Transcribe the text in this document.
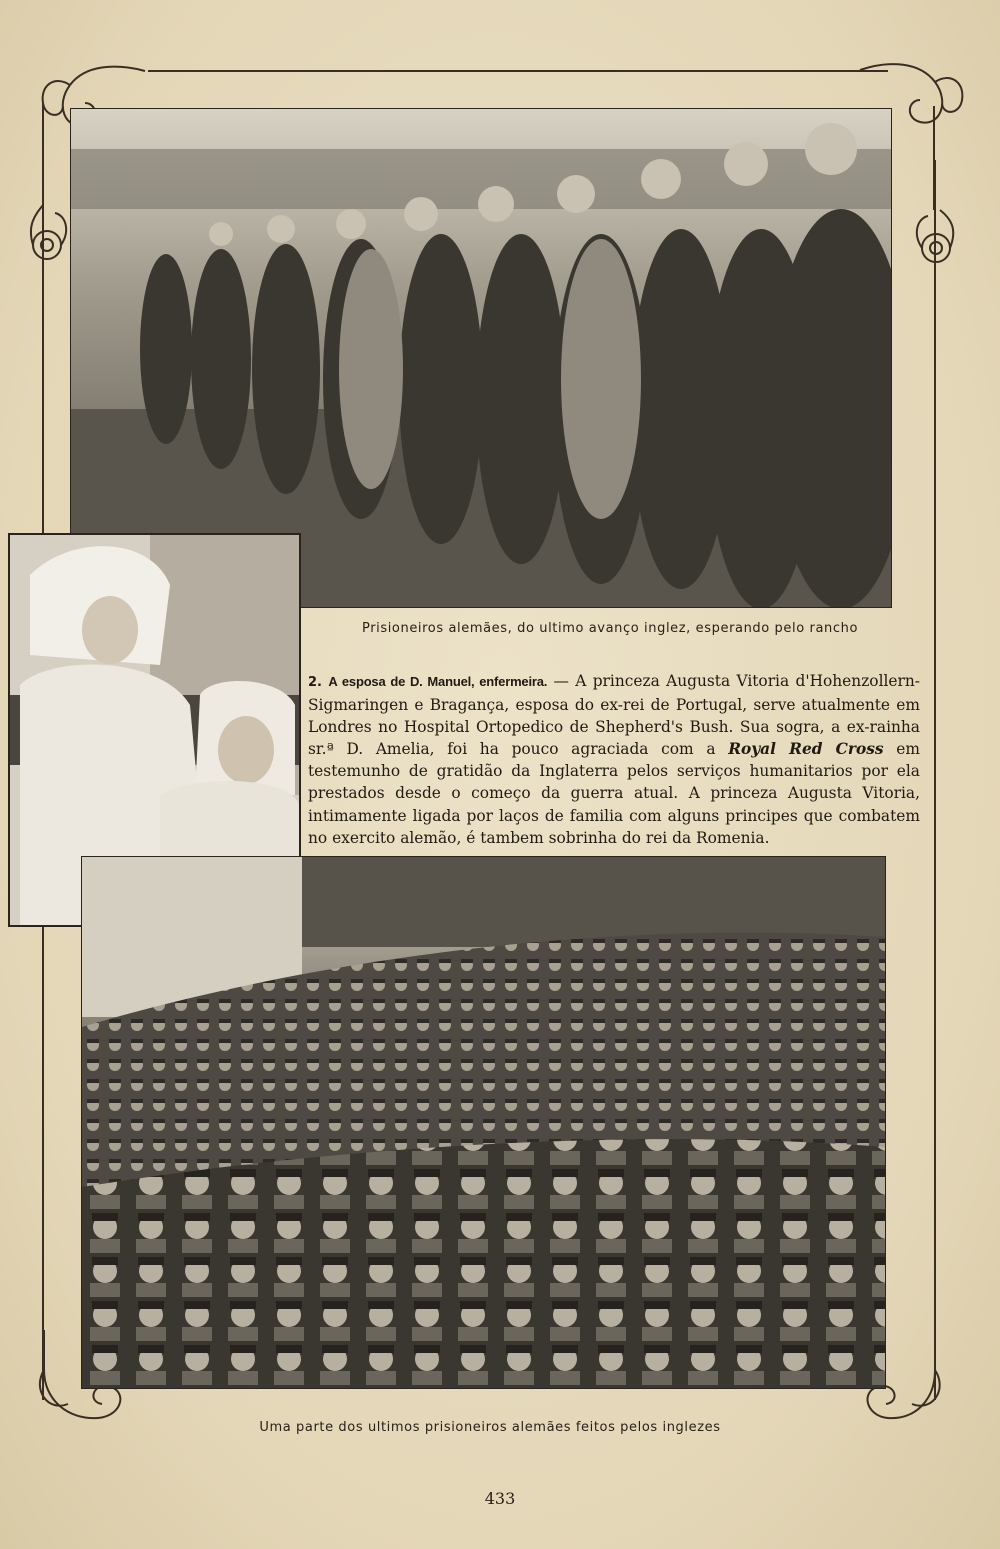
Prisioneiros alemães, do ultimo avanço inglez, esperando pelo rancho
2. A esposa de D. Manuel, enfermeira. — A princeza Augusta Vitoria d'Hohenzollern-Sigmaringen e Bragança, esposa do ex-rei de Portugal, serve atualmente em Londres no Hospital Ortopedico de Shepherd's Bush. Sua sogra, a ex-rainha sr.ª D. Amelia, foi ha pouco agraciada com a Royal Red Cross em testemunho de gratidão da Inglaterra pelos serviços humanitarios por ela prestados desde o começo da guerra atual. A princeza Augusta Vitoria, intimamente ligada por laços de familia com alguns principes que combatem no exercito alemão, é tambem sobrinha do rei da Romenia.
Uma parte dos ultimos prisioneiros alemães feitos pelos inglezes
433
